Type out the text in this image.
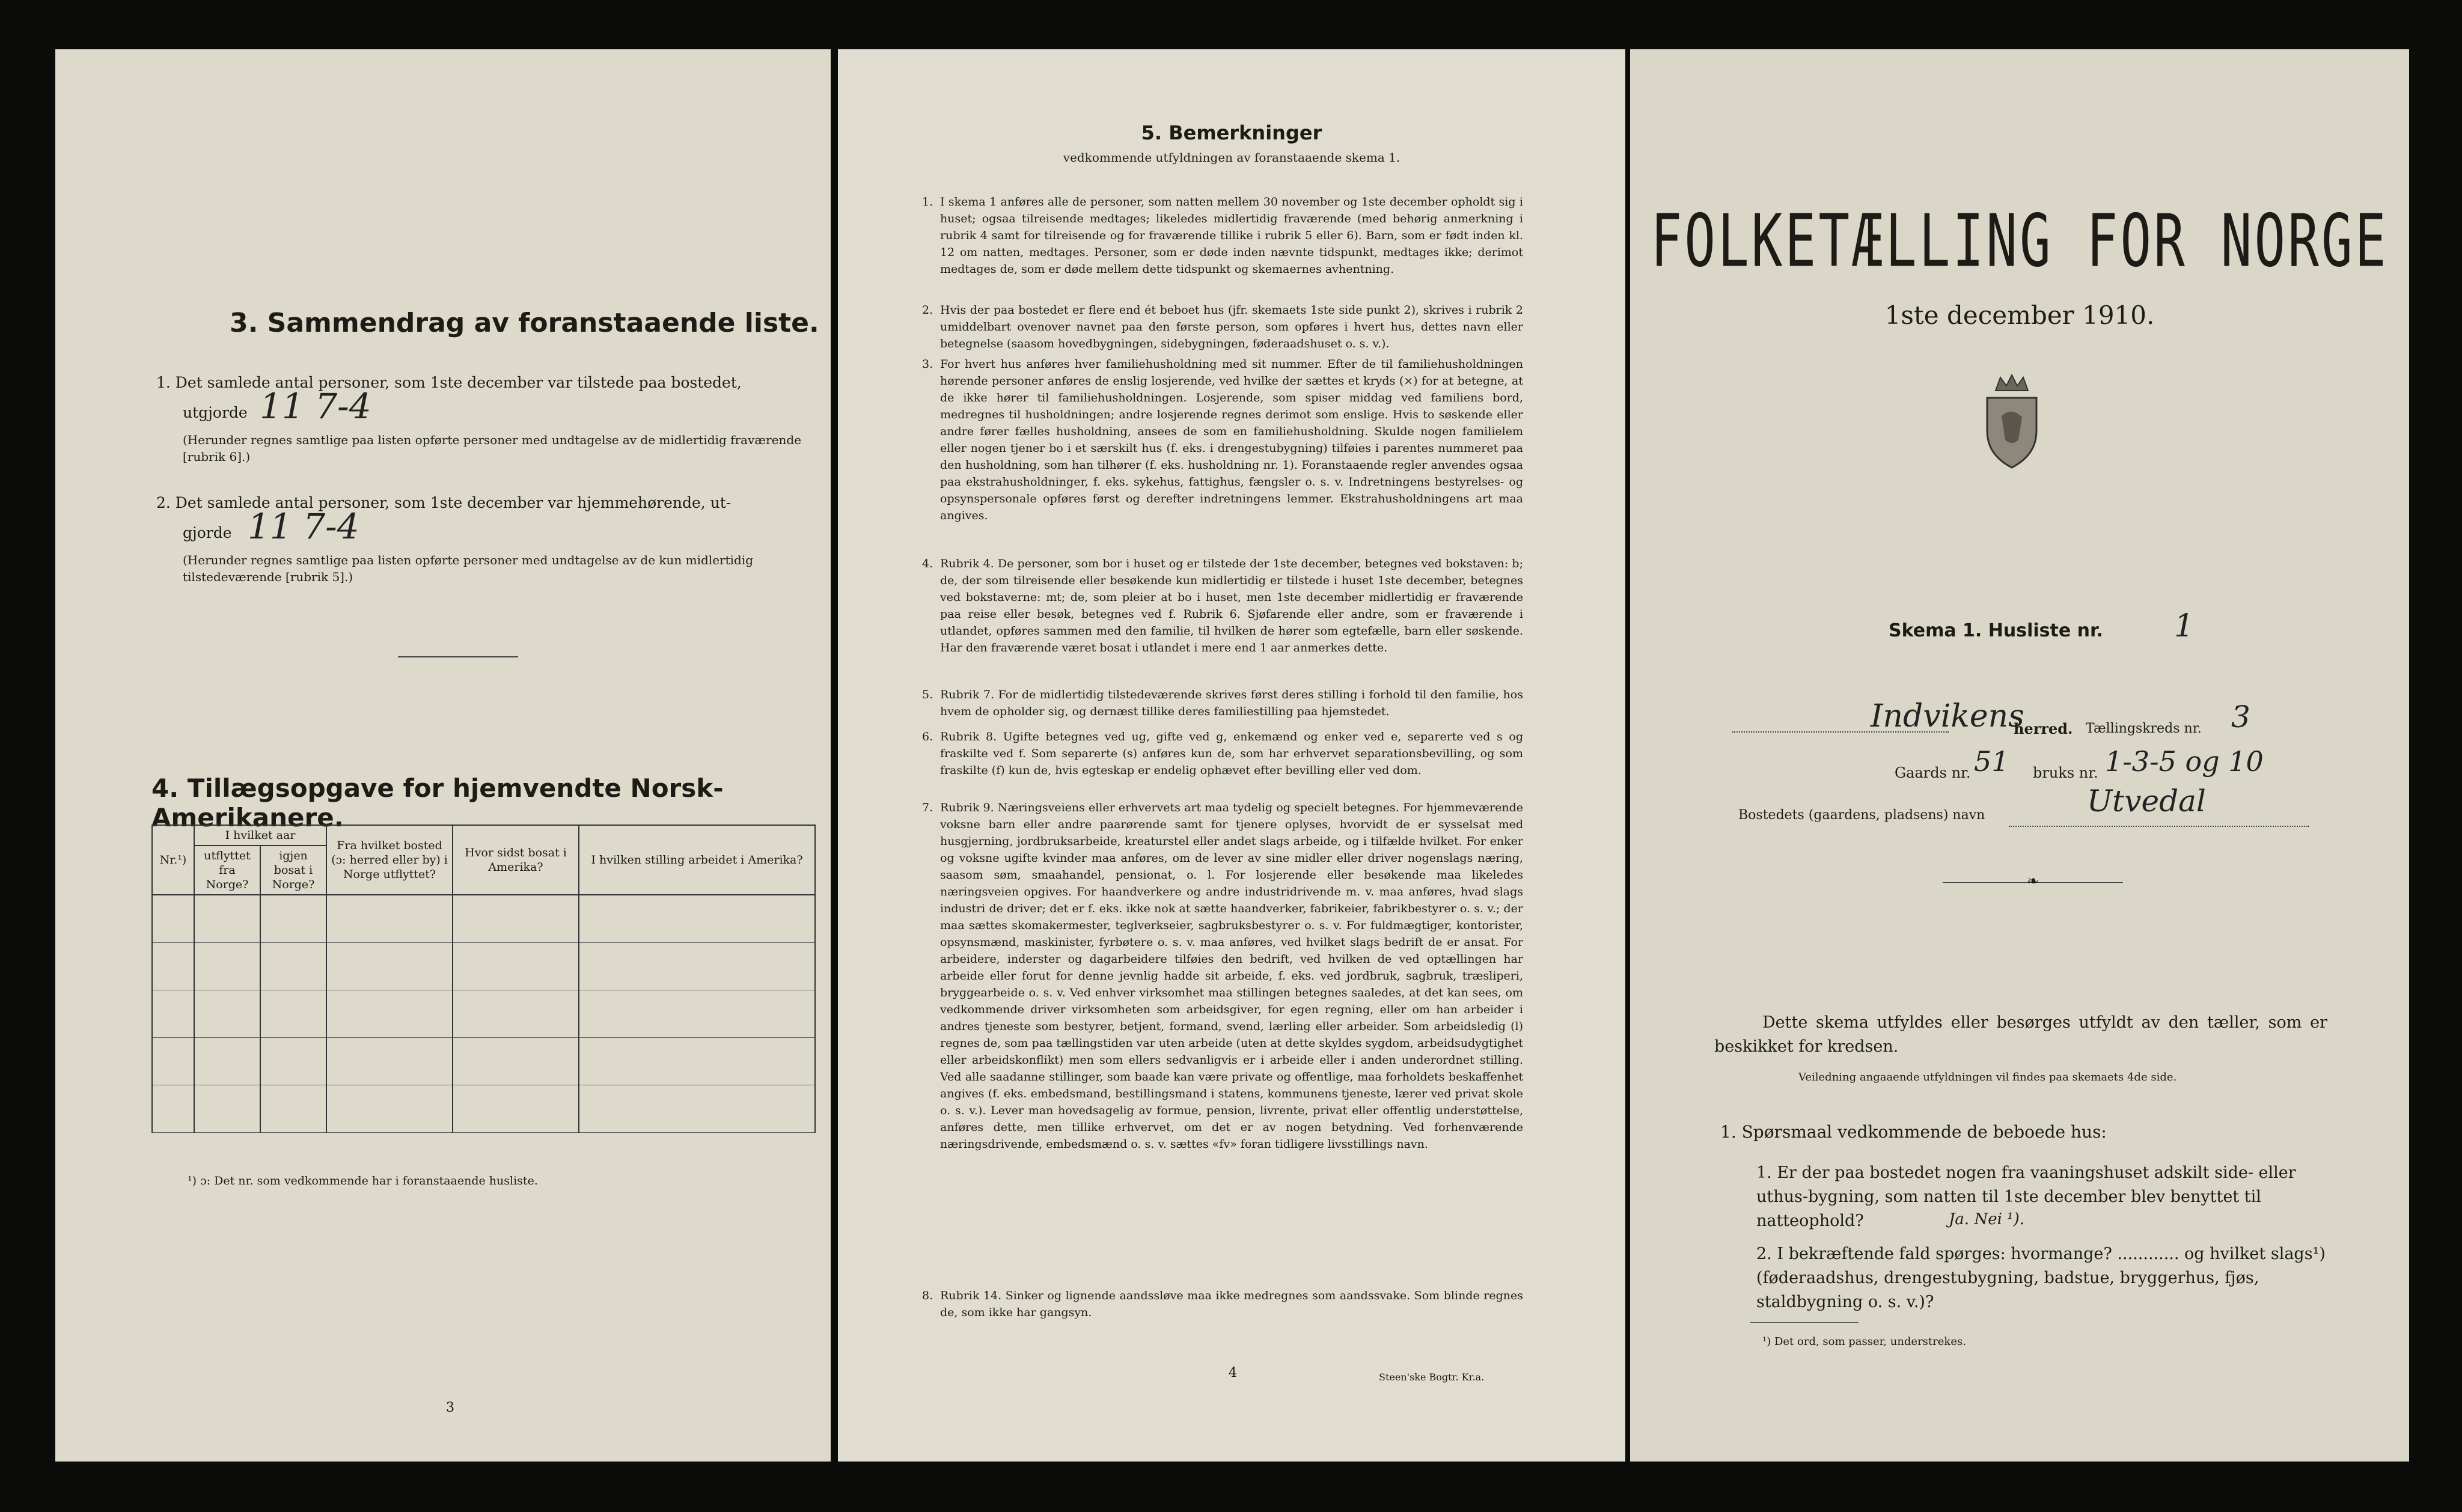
3. Sammendrag av foranstaaende liste.
1. Det samlede antal personer, som 1ste december var tilstede paa bostedet,
utgjorde 11 7-4
(Herunder regnes samtlige paa listen opførte personer med undtagelse av de midlertidig fraværende [rubrik 6].)
2. Det samlede antal personer, som 1ste december var hjemmehørende, ut-
gjorde 11 7-4
(Herunder regnes samtlige paa listen opførte personer med undtagelse av de kun midlertidig tilstedeværende [rubrik 5].)
4. Tillægsopgave for hjemvendte Norsk-Amerikanere.
Nr.¹)	I hvilket aar		Fra hvilket bosted (ɔ: herred eller by) i Norge utflyttet?	Hvor sidst bosat i Amerika?	I hvilken stilling arbeidet i Amerika?
	utflyttet fra Norge?	igjen bosat i Norge?			

¹) ɔ: Det nr. som vedkommende har i foranstaaende husliste.
3
5. Bemerkninger
vedkommende utfyldningen av foranstaaende skema 1.
1. I skema 1 anføres alle de personer, som natten mellem 30 november og 1ste december opholdt sig i huset; ogsaa tilreisende medtages; likeledes midlertidig fraværende (med behørig anmerkning i rubrik 4 samt for tilreisende og for fraværende tillike i rubrik 5 eller 6). Barn, som er født inden kl. 12 om natten, medtages. Personer, som er døde inden nævnte tidspunkt, medtages ikke; derimot medtages de, som er døde mellem dette tidspunkt og skemaernes avhentning.
2. Hvis der paa bostedet er flere end ét beboet hus (jfr. skemaets 1ste side punkt 2), skrives i rubrik 2 umiddelbart ovenover navnet paa den første person, som opføres i hvert hus, dettes navn eller betegnelse (saasom hovedbygningen, sidebygningen, føderaadshuset o. s. v.).
3. For hvert hus anføres hver familiehusholdning med sit nummer. Efter de til familiehusholdningen hørende personer anføres de enslig losjerende, ved hvilke der sættes et kryds (×) for at betegne, at de ikke hører til familiehusholdningen. Losjerende, som spiser middag ved familiens bord, medregnes til husholdningen; andre losjerende regnes derimot som enslige. Hvis to søskende eller andre fører fælles husholdning, ansees de som en familiehusholdning. Skulde nogen familielem eller nogen tjener bo i et særskilt hus (f. eks. i drengestubygning) tilføies i parentes nummeret paa den husholdning, som han tilhører (f. eks. husholdning nr. 1). Foranstaaende regler anvendes ogsaa paa ekstrahusholdninger, f. eks. sykehus, fattighus, fængsler o. s. v. Indretningens bestyrelses- og opsynspersonale opføres først og derefter indretningens lemmer. Ekstrahusholdningens art maa angives.
4. Rubrik 4. De personer, som bor i huset og er tilstede der 1ste december, betegnes ved bokstaven: b; de, der som tilreisende eller besøkende kun midlertidig er tilstede i huset 1ste december, betegnes ved bokstaverne: mt; de, som pleier at bo i huset, men 1ste december midlertidig er fraværende paa reise eller besøk, betegnes ved f. Rubrik 6. Sjøfarende eller andre, som er fraværende i utlandet, opføres sammen med den familie, til hvilken de hører som egtefælle, barn eller søskende. Har den fraværende været bosat i utlandet i mere end 1 aar anmerkes dette.
5. Rubrik 7. For de midlertidig tilstedeværende skrives først deres stilling i forhold til den familie, hos hvem de opholder sig, og dernæst tillike deres familiestilling paa hjemstedet.
6. Rubrik 8. Ugifte betegnes ved ug, gifte ved g, enkemænd og enker ved e, separerte ved s og fraskilte ved f. Som separerte (s) anføres kun de, som har erhvervet separationsbevilling, og som fraskilte (f) kun de, hvis egteskap er endelig ophævet efter bevilling eller ved dom.
7. Rubrik 9. Næringsveiens eller erhvervets art maa tydelig og specielt betegnes. For hjemmeværende voksne barn eller andre paarørende samt for tjenere oplyses, hvorvidt de er sysselsat med husgjerning, jordbruksarbeide, kreaturstel eller andet slags arbeide, og i tilfælde hvilket. For enker og voksne ugifte kvinder maa anføres, om de lever av sine midler eller driver nogenslags næring, saasom søm, smaahandel, pensionat, o. l. For losjerende eller besøkende maa likeledes næringsveien opgives. For haandverkere og andre industridrivende m. v. maa anføres, hvad slags industri de driver; det er f. eks. ikke nok at sætte haandverker, fabrikeier, fabrikbestyrer o. s. v.; der maa sættes skomakermester, teglverkseier, sagbruksbestyrer o. s. v. For fuldmægtiger, kontorister, opsynsmænd, maskinister, fyrbøtere o. s. v. maa anføres, ved hvilket slags bedrift de er ansat. For arbeidere, inderster og dagarbeidere tilføies den bedrift, ved hvilken de ved optællingen har arbeide eller forut for denne jevnlig hadde sit arbeide, f. eks. ved jordbruk, sagbruk, træsliperi, bryggearbeide o. s. v. Ved enhver virksomhet maa stillingen betegnes saaledes, at det kan sees, om vedkommende driver virksomheten som arbeidsgiver, for egen regning, eller om han arbeider i andres tjeneste som bestyrer, betjent, formand, svend, lærling eller arbeider. Som arbeidsledig (l) regnes de, som paa tællingstiden var uten arbeide (uten at dette skyldes sygdom, arbeidsudygtighet eller arbeidskonflikt) men som ellers sedvanligvis er i arbeide eller i anden underordnet stilling. Ved alle saadanne stillinger, som baade kan være private og offentlige, maa forholdets beskaffenhet angives (f. eks. embedsmand, bestillingsmand i statens, kommunens tjeneste, lærer ved privat skole o. s. v.). Lever man hovedsagelig av formue, pension, livrente, privat eller offentlig understøttelse, anføres dette, men tillike erhvervet, om det er av nogen betydning. Ved forhenværende næringsdrivende, embedsmænd o. s. v. sættes «fv» foran tidligere livsstillings navn.
8. Rubrik 14. Sinker og lignende aandssløve maa ikke medregnes som aandssvake. Som blinde regnes de, som ikke har gangsyn.
4	Steen'ske Bogtr. Kr.a.
FOLKETÆLLING FOR NORGE
1ste december 1910.
Skema 1. Husliste nr. 1
Indvikens
herred. Tællingskreds nr. 3
Gaards nr. 51 bruks nr. 1-3-5 og 10
Bostedets (gaardens, pladsens) navn	Utvedal
❧
Dette skema utfyldes eller besørges utfyldt av den tæller, som er beskikket for kredsen.
Veiledning angaaende utfyldningen vil findes paa skemaets 4de side.
1. Spørsmaal vedkommende de beboede hus:
1. Er der paa bostedet nogen fra vaaningshuset adskilt side- eller uthus-bygning, som natten til 1ste december blev benyttet til natteophold?	Ja. Nei ¹).
2. I bekræftende fald spørges: hvormange? ............ og hvilket slags¹) (føderaadshus, drengestubygning, badstue, bryggerhus, fjøs, staldbygning o. s. v.)?
¹) Det ord, som passer, understrekes.
